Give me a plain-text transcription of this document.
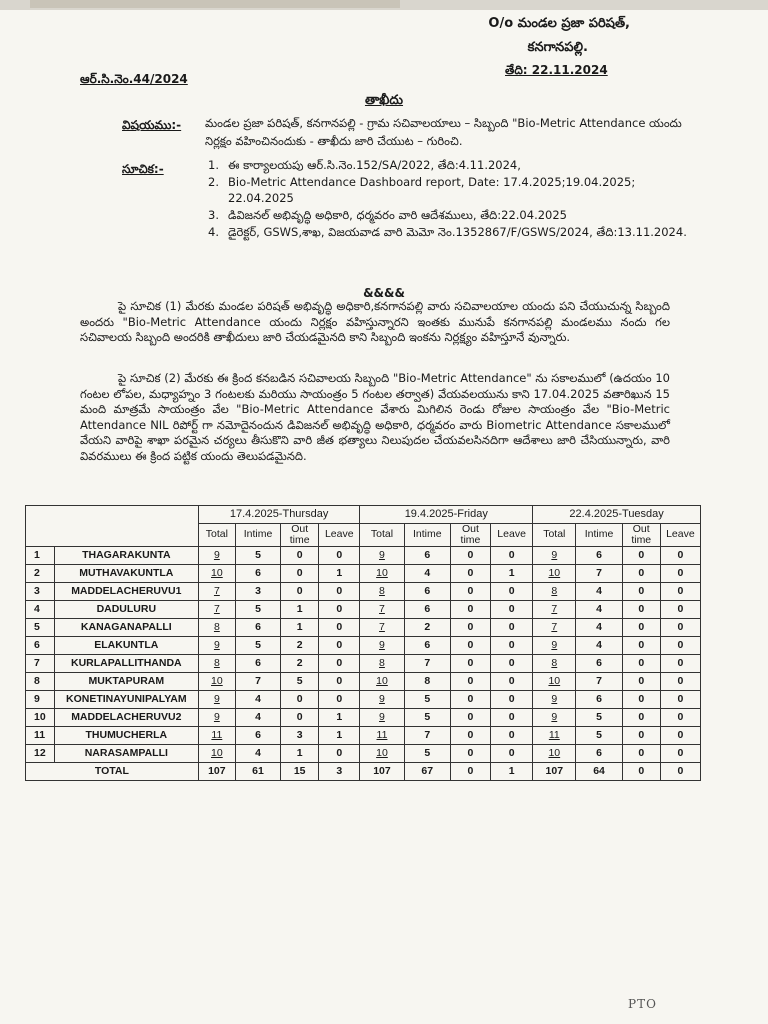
O/o మండల ప్రజా పరిషత్,
కనగానపల్లి.
ఆర్.సి.నెం.44/2024
తేది: 22.11.2024
తాఖీదు
విషయము:- మండల ప్రజా పరిషత్, కనగానపల్లి - గ్రామ సచివాలయాలు – సిబ్బంది "Bio-Metric Attendance యందు నిర్లక్షం వహించినందుకు - తాఖీదు జారి చేయుట – గురించి.
సూచిక:-	1. ఈ కార్యాలయపు ఆర్.సి.నెం.152/SA/2022, తేది:4.11.2024,
2. Bio-Metric Attendance Dashboard report, Date: 17.4.2025;19.04.2025; 22.04.2025
3. డివిజనల్ అభివృద్ధి అధికారి, ధర్మవరం వారి ఆదేశములు, తేది:22.04.2025
4. డైరెక్టర్, GSWS,శాఖ, విజయవాడ వారి మెమో నెం.1352867/F/GSWS/2024, తేది:13.11.2024.
&&&&

పై సూచిక (1) మేరకు మండల పరిషత్ అభివృద్ధి అధికారి,కనగానపల్లి వారు సచివాలయాల యందు పని చేయుచున్న సిబ్బంది అందరు "Bio-Metric Attendance యందు నిర్లక్షం వహిస్తున్నారని ఇంతకు మునుపే కనగానపల్లి మండలము నందు గల సచివాలయ సిబ్బంది అందరికి తాఖీదులు జారి చేయడమైనది కాని సిబ్బంది ఇంకను నిర్లక్ష్యం వహిస్తూనే వున్నారు.

పై సూచిక (2) మేరకు ఈ క్రింద కనబడిన సచివాలయ సిబ్బంది "Bio-Metric Attendance" ను సకాలములో (ఉదయం 10 గంటల లోపల, మధ్యాహ్నం 3 గంటలకు మరియు సాయంత్రం 5 గంటల తర్వాత) వేయవలయును కాని 17.04.2025 వతారిఖున 15 మంది మాత్రమే సాయంత్రం వేల "Bio-Metric Attendance వేశారు మిగిలిన రెండు రోజుల సాయంత్రం వేల "Bio-Metric Attendance NIL రిపోర్ట్ గా నమోదైనందున డివిజనల్ అభివృద్ధి అధికారి, ధర్మవరం వారు Biometric Attendance సకాలములో వేయని వారిపై శాఖా పరమైన చర్యలు తీసుకొని వారి జీత భత్యాలు నిలుపుదల చేయవలసినదిగా ఆదేశాలు జారి చేసియున్నారు, వారి వివరములు ఈ క్రింద పట్టిక యందు తెలుపడమైనది.

		17.4.2025-Thursday				19.4.2025-Friday				22.4.2025-Tuesday			
		Total	Intime	Out time	Leave	Total	Intime	Out time	Leave	Total	Intime	Out time	Leave
1	THAGARAKUNTA	9	5	0	0	9	6	0	0	9	6	0	0
2	MUTHAVAKUNTLA	10	6	0	1	10	4	0	1	10	7	0	0
3	MADDELACHERUVU1	7	3	0	0	8	6	0	0	8	4	0	0
4	DADULURU	7	5	1	0	7	6	0	0	7	4	0	0
5	KANAGANAPALLI	8	6	1	0	7	2	0	0	7	4	0	0
6	ELAKUNTLA	9	5	2	0	9	6	0	0	9	4	0	0
7	KURLAPALLITHANDA	8	6	2	0	8	7	0	0	8	6	0	0
8	MUKTAPURAM	10	7	5	0	10	8	0	0	10	7	0	0
9	KONETINAYUNIPALYAM	9	4	0	0	9	5	0	0	9	6	0	0
10	MADDELACHERUVU2	9	4	0	1	9	5	0	0	9	5	0	0
11	THUMUCHERLA	11	6	3	1	11	7	0	0	11	5	0	0
12	NARASAMPALLI	10	4	1	0	10	5	0	0	10	6	0	0
TOTAL		107	61	15	3	107	67	0	1	107	64	0	0
PTO
